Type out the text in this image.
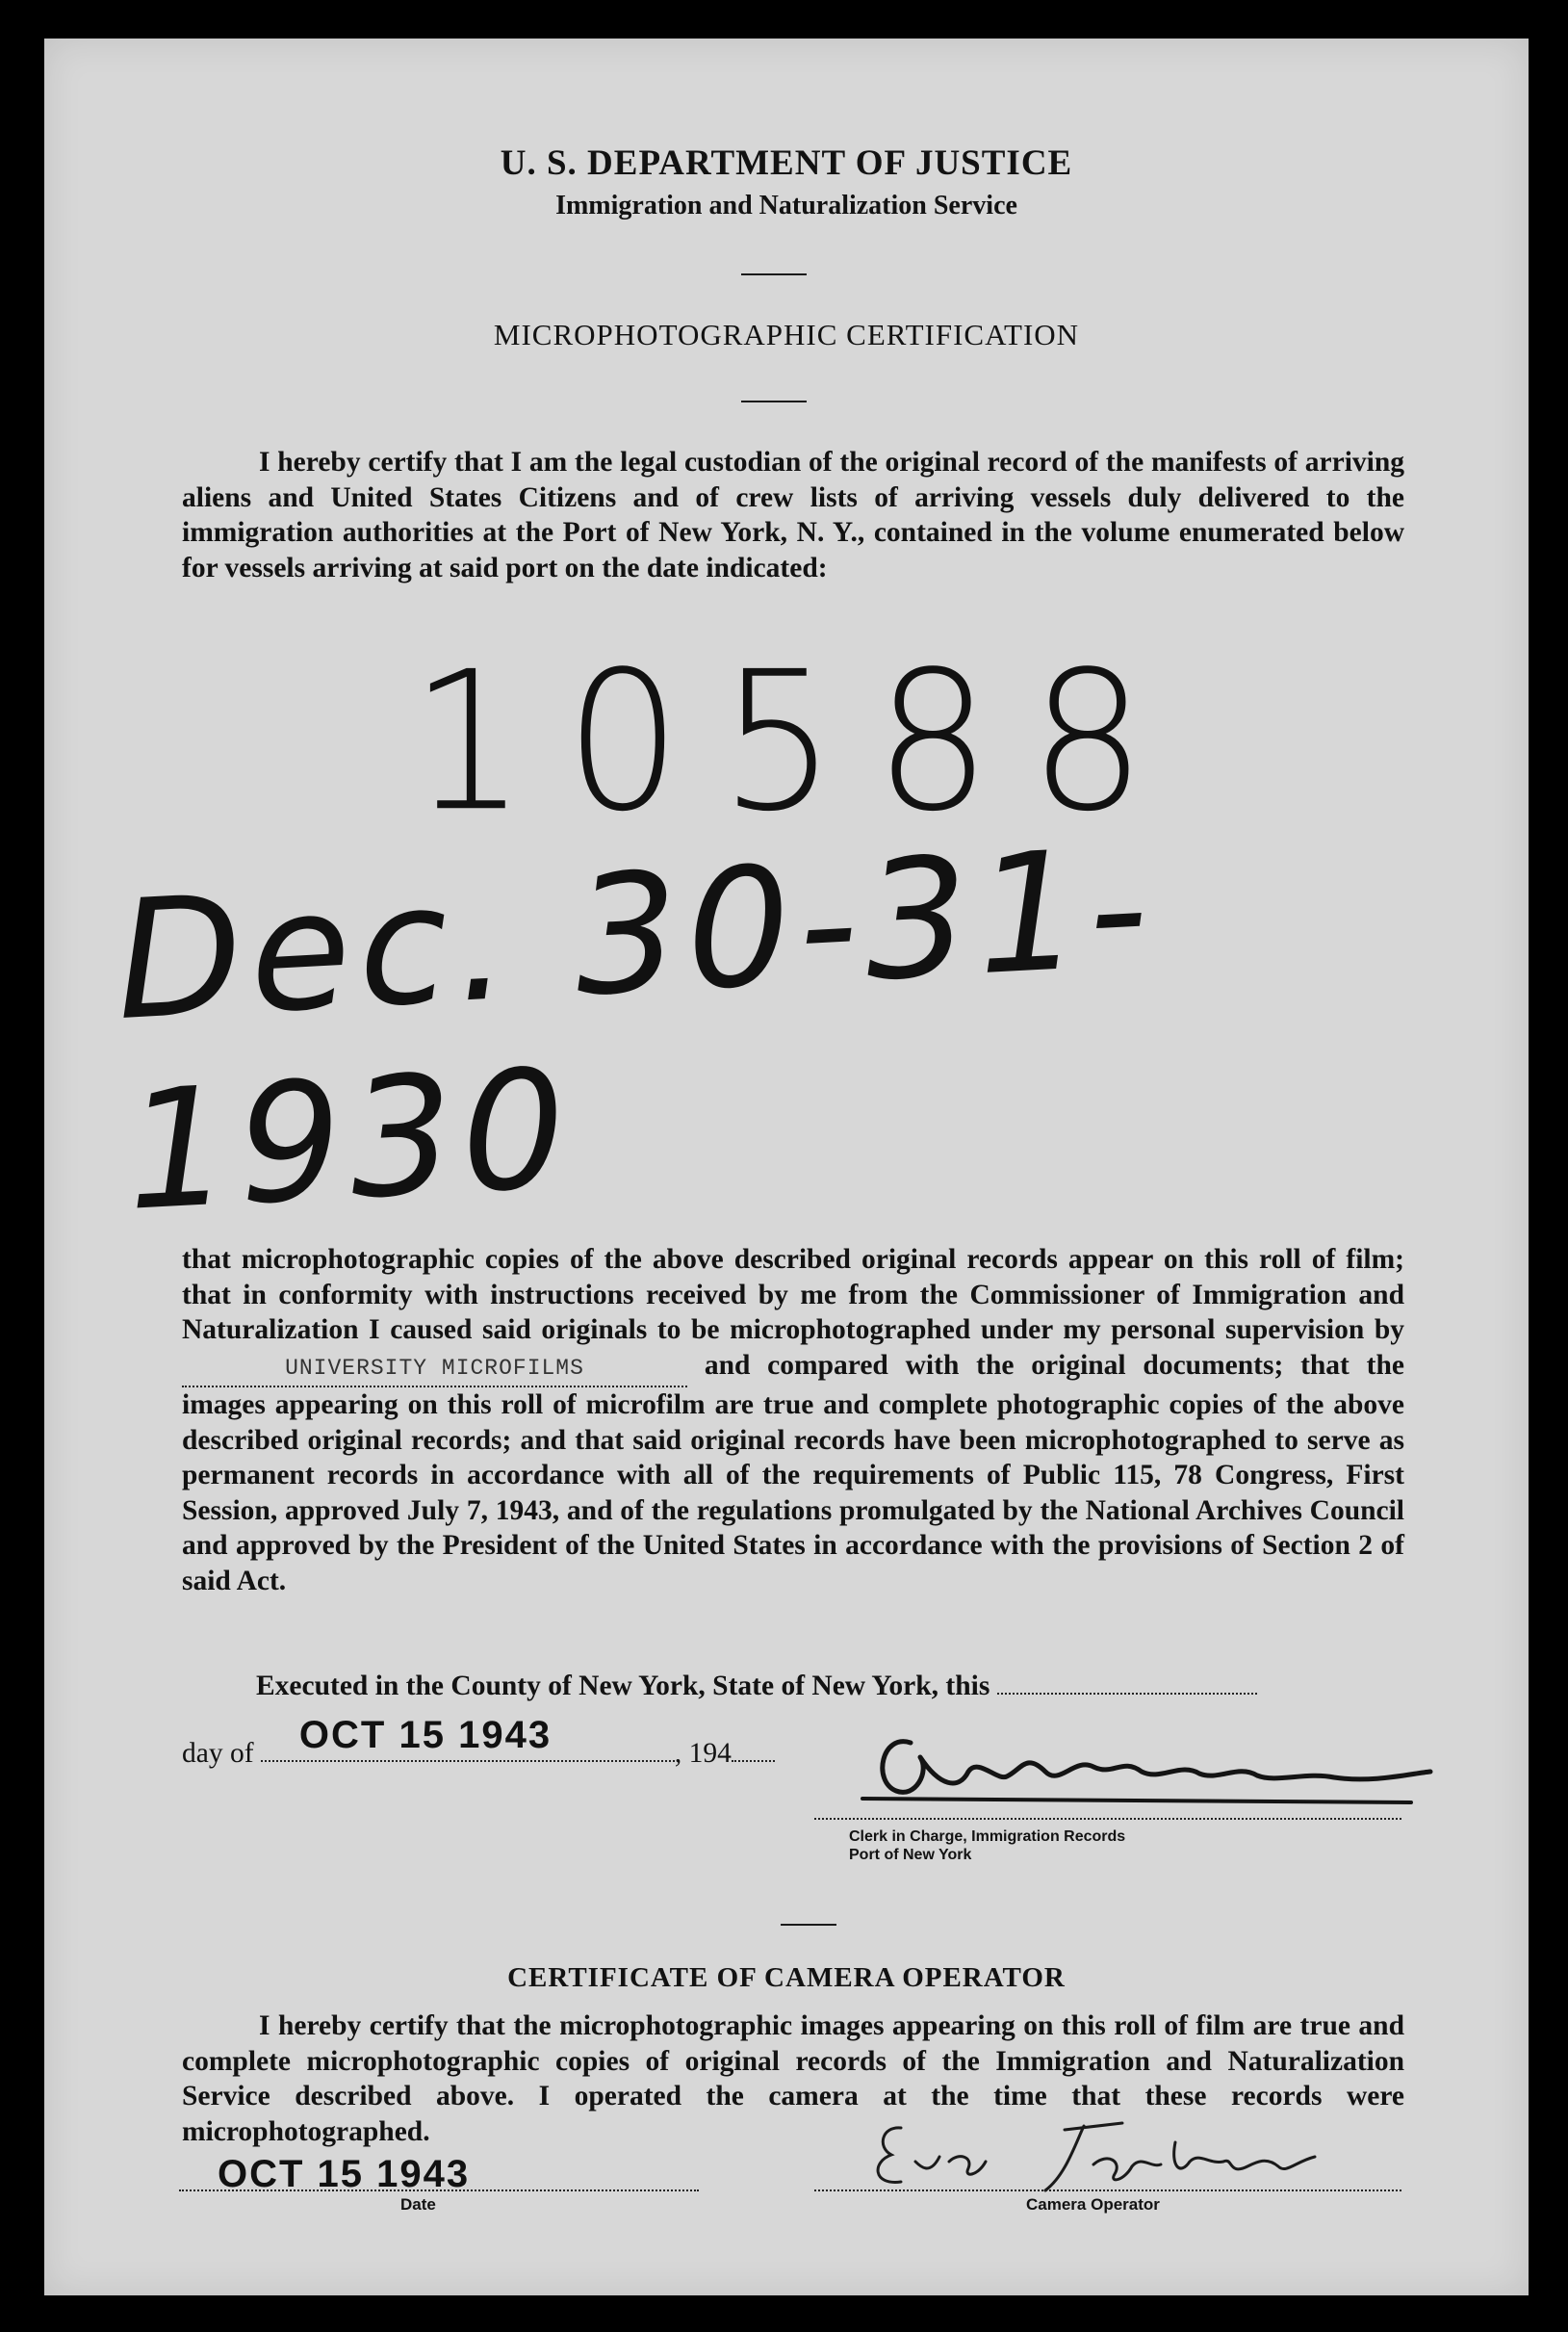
U. S. DEPARTMENT OF JUSTICE
Immigration and Naturalization Service
MICROPHOTOGRAPHIC CERTIFICATION

I hereby certify that I am the legal custodian of the original record of the manifests of arriving aliens and United States Citizens and of crew lists of arriving vessels duly delivered to the immigration authorities at the Port of New York, N. Y., contained in the volume enumerated below for vessels arriving at said port on the date indicated:

10588
Dec. 30-31-1930

that microphotographic copies of the above described original records appear on this roll of film; that in conformity with instructions received by me from the Commissioner of Immigration and Naturalization I caused said originals to be microphotographed under my personal supervision by UNIVERSITY MICROFILMS	and compared with the original documents; that the images appearing on this roll of microfilm are true and complete photographic copies of the above described original records; and that said original records have been microphotographed to serve as permanent records in accordance with all of the requirements of Public 115, 78 Congress, First Session, approved July 7, 1943, and of the regulations promulgated by the National Archives Council and approved by the President of the United States in accordance with the provisions of Section 2 of said Act.

Executed in the County of New York, State of New York, this
day of OCT 15 1943	, 194
Clerk in Charge, Immigration Records
Port of New York
CERTIFICATE OF CAMERA OPERATOR

I hereby certify that the microphotographic images appearing on this roll of film are true and complete microphotographic copies of original records of the Immigration and Naturalization Service described above. I operated the camera at the time that these records were microphotographed.

OCT 15 1943
Date	Camera Operator
